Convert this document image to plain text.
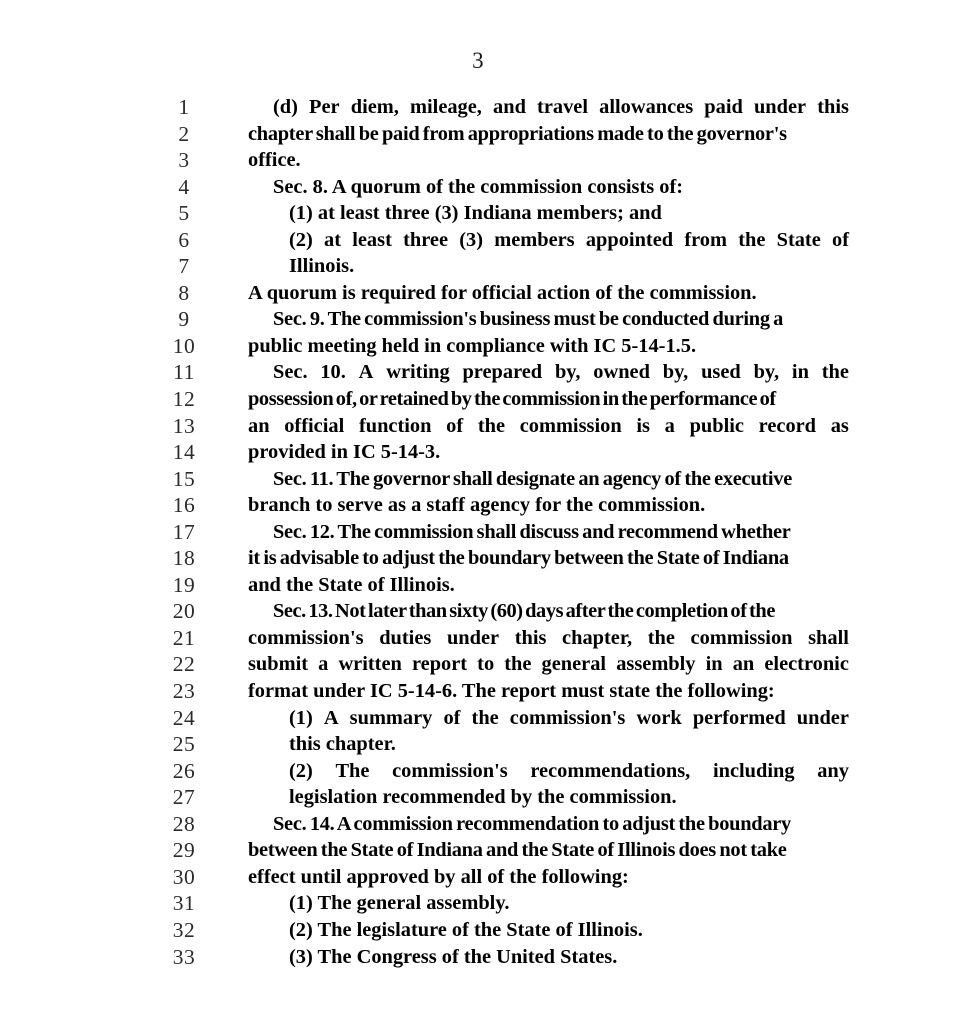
3
1	(d) Per diem, mileage, and travel allowances paid under this
2	chapter shall be paid from appropriations made to the governor's
3	office.
4	Sec. 8. A quorum of the commission consists of:
5	(1) at least three (3) Indiana members; and
6	(2) at least three (3) members appointed from the State of
7	Illinois.
8	A quorum is required for official action of the commission.
9	Sec. 9. The commission's business must be conducted during a
10	public meeting held in compliance with IC 5-14-1.5.
11	Sec. 10. A writing prepared by, owned by, used by, in the
12	possession of, or retained by the commission in the performance of
13	an official function of the commission is a public record as
14	provided in IC 5-14-3.
15	Sec. 11. The governor shall designate an agency of the executive
16	branch to serve as a staff agency for the commission.
17	Sec. 12. The commission shall discuss and recommend whether
18	it is advisable to adjust the boundary between the State of Indiana
19	and the State of Illinois.
20	Sec. 13. Not later than sixty (60) days after the completion of the
21	commission's duties under this chapter, the commission shall
22	submit a written report to the general assembly in an electronic
23	format under IC 5-14-6. The report must state the following:
24	(1) A summary of the commission's work performed under
25	this chapter.
26	(2) The commission's recommendations, including any
27	legislation recommended by the commission.
28	Sec. 14. A commission recommendation to adjust the boundary
29	between the State of Indiana and the State of Illinois does not take
30	effect until approved by all of the following:
31	(1) The general assembly.
32	(2) The legislature of the State of Illinois.
33	(3) The Congress of the United States.
